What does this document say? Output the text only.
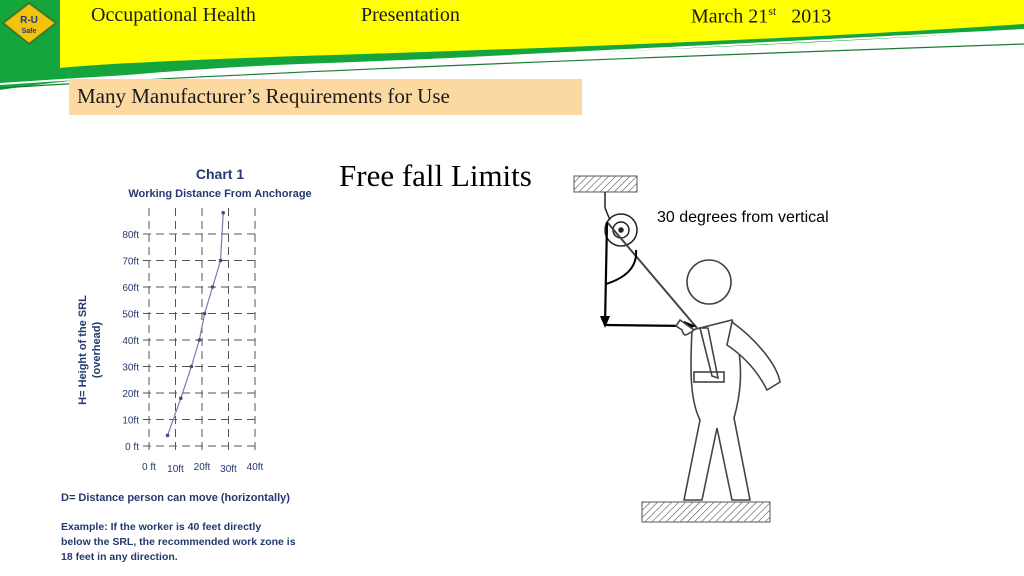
R-U
Safe
Occupational Health	Presentation	March 21st 2013
Many Manufacturer’s Requirements for Use
Chart 1
Working Distance From Anchorage
0 ft
10ft
20ft
30ft
40ft
50ft
60ft
70ft
80ft
0 ft 10ft 20ft 30ft 40ft
H= Height of the SRL (overhead)
D= Distance person can move (horizontally)
Example: If the worker is 40 feet directly below the SRL, the recommended work zone is 18 feet in any direction.
Free fall Limits
30 degrees from vertical
